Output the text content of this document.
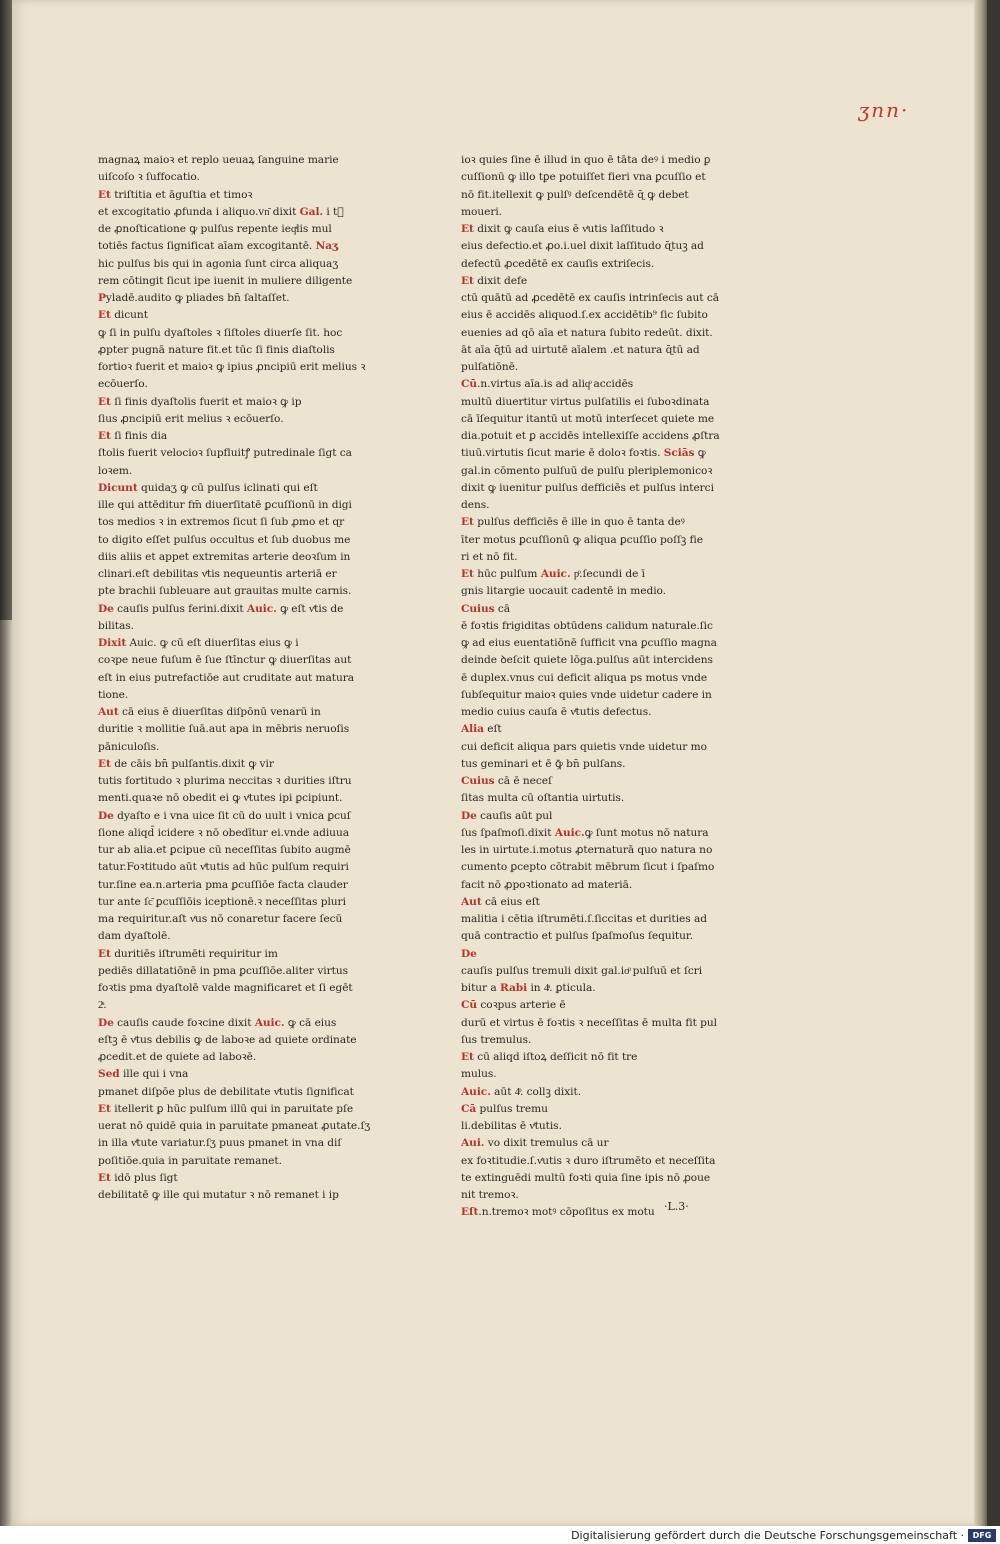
ʒnn·
magnaꝝ maioꝛ et replo ueuaꝝ ſanguine marie
uiſcoſo ꝛ ſuffocatio.
Et triſtitia et āguſtia et timoꝛ
et excogitatio ꝓfunda i aliquo.vn͂ dixit Gal. i tᷓ
de ꝓnoſticatione ꝙ pulſus repente ieqͣlis mul
totiēs factus ſignificat aīam excogitantē. Naʒ
hic pulſus bis qui in agonia ſunt circa aliquaʒ
rem cōtingit ſicut ipe iuenit in muliere diligente
Pyladē.audito ꝙ pliades bn̄ ſaltaſſet.
Et dicunt
ꝙ ſi in pulſu dyaſtoles ꝛ ſiſtoles diuerſe ſit. hoc
ꝓpter pugnā nature fit.et tūc ſi finis diaſtolis
fortioꝛ fuerit et maioꝛ ꝙ ipius ꝓncipiū erit melius ꝛ
ecōuerſo.
Et ſi finis dyaſtolis fuerit et maioꝛ ꝙ ip
ſius ꝓncipiū erit melius ꝛ ecōuerſo.
Et ſi finis dia
ſtolis fuerit velocioꝛ ſupfluitꝭ putredinale ſigt ca
loꝛem.
Dicunt quidaʒ ꝙ cū pulſus iclinati qui eſt
ille qui attēditur fm̄ diuerſitatē ꝑcuſſionū in digi
tos medios ꝛ in extremos ſicut ſi ſub ꝓmo et ɋr
to digito eſſet pulſus occultus et ſub duobus me
diis aliis et appet extremitas arterie deoꝛſum in
clinari.eſt debilitas vͭtis nequeuntis arteriā er
pte brachii ſubleuare aut grauitas multe carnis.
De cauſis pulſus ferini.dixit Auic. ꝙ eſt vͭtis de
bilitas.
Dixit Auic. ꝙ cū eſt diuerſitas eius ꝙ i
coꝛpe neue fuſum ē ſue ſtīnctur ꝙ diuerſitas aut
eſt in eius putrefactiōe aut cruditate aut matura
tione.
Aut cā eius ē diuerſitas diſpōnū venarū in
duritie ꝛ mollitie ſuā.aut apa in mēbris neruoſis
pāniculoſis.
Et de cāis bn̄ pulſantis.dixit ꝙ vir
tutis fortitudo ꝛ plurima neccitas ꝛ durities iſtru
menti.quaꝛe nō obedit ei ꝙ vͭtutes ipi ꝑcipiunt.
De dyaſto e i vna uice ſit cū do uult i vnica ꝑcuſ
ſione aliqd̄ icidere ꝛ nō obedītur ei.vnde adiuua
tur ab alia.et ꝑcipue cū neceſſitas ſubito augmē
tatur.Foꝛtitudo aūt vͭtutis ad hūc pulſum requiri
tur.ſine ea.n.arteria pma ꝑcuſſiōe facta clauder
tur ante ſc͂ ꝑcuſſiōis iceptionē.ꝛ neceſſitas pluri
ma requiritur.aſt vͭus nō conaretur facere ſecū
dam dyaſtolē.
Et duritiēs iſtrumēti requiritur im
pediēs dillatatiōnē in pma ꝑcuſſiōe.aliter virtus
foꝛtis pma dyaſtolē valde magnificaret et ſi egēt
2ͣ.
De cauſis caude foꝛcine dixit Auic. ꝙ cā eius
eſtꝫ ē vͭtus debilis ꝙ de laboꝛe ad quiete ordinate
ꝓcedit.et de quiete ad laboꝛē.
Sed ille qui i vna
pmanet diſpōe plus de debilitate vͭtutis ſignificat
Et itellerit ꝑ hūc pulſum illū qui in paruitate pſe
uerat nō quidē quia in paruitate pmaneat ꝓutate.ſʒ
in illa vͭtute variatur.ſʒ puus pmanet in vna diſ
poſitiōe.quia in paruitate remanet.
Et idō plus ſigt
debilitatē ꝙ ille qui mutatur ꝛ nō remanet i ip
ioꝛ quies ſine ē illud in quo ē tāta deꝰ i medio ꝑ
cuſſionū ꝙ illo tꝑe potuiſſet fieri vna ꝑcuſſio et
nō fit.itellexit ꝙ pulſꝰ deſcendētē ɋ̄ ꝙ debet
moueri.
Et dixit ꝙ cauſa eius ē vͭutis laſſitudo ꝛ
eius defectio.et ꝓo.i.uel dixit laſſitudo ɋ̄tuꝫ ad
defectū ꝓcedētē ex cauſis extriſecis.
Et dixit defe
ctū quātū ad ꝓcedētē ex cauſis intrinſecis aut cā
eius ē accidēs aliquod.ſ.ex accidētib⁹ ſic ſubito
euenies ad qō aīa et natura ſubito redeūt. dixit.
āt aīa ɋ̄tū ad uirtutē aīalem .et natura ɋ̄tū ad
pulſatiōnē.
Cū.n.virtus aīa.is ad aliqͦ accidēs
multū diuertitur virtus pulſatilis ei ſuboꝛdinata
cā īſequitur itantū ut motū interſecet quiete me
dia.potuit et ꝑ accidēs intellexiſſe accidens ꝓſtra
tiuū.virtutis ſicut marie ē doloꝛ foꝛtis. Sciās ꝙ
gal.in cōmento pulſuū de pulſu pleriplemonicoꝛ
dixit ꝙ iuenitur pulſus defficiēs et pulſus interci
dens.
Et pulſus defficiēs ē ille in quo ē tanta deꝰ
īter motus ꝑcuſſionū ꝙ aliqua ꝑcuſſio poſſꝫ fie
ri et nō fit.
Et hūc pulſum Auic. pͦ.ſecundi de ī
gnis litargie uocauit cadentē in medio.
Cuius cā
ē foꝛtis frigiditas obtūdens calidum naturale.ſic
ꝙ ad eius euentatiōnē ſufficit vna ꝑcuſſio magna
deinde ꝺeſcit quiete lōga.pulſus aūt intercidens
ē duplex.vnus cui deficit aliqua ps motus vnde
ſubſequitur maioꝛ quies vnde uidetur cadere in
medio cuius cauſa ē vͭtutis defectus.
Alia eſt
cui deficit aliqua pars quietis vnde uidetur mo
tus geminari et ē ꝙ̄ bn̄ pulſans.
Cuius cā ē neceſ
ſitas multa cū oſtantia uirtutis.
De cauſis aūt pul
ſus ſpaſmoſi.dixit Auic.ꝙ ſunt motus nō natura
les in uirtute.i.motus ꝓternaturā quo natura no
cumento ꝑcepto cōtrabit mēbrum ſicut i ſpaſmo
facit nō ꝓpoꝛtionato ad materiā.
Aut cā eius eſt
malitia i cētia iſtrumēti.ſ.ſiccitas et durities ad
quā contractio et pulſus ſpaſmoſus ſequitur.
De
cauſis pulſus tremuli dixit gal.ioͦ pulſuū et ſcri
bitur a Rabi in 4ͣ. ꝑticula.
Cū coꝛpus arterie ē
durū et virtus ē foꝛtis ꝛ neceſſitas ē multa fit pul
ſus tremulus.
Et cū aliqd iſtoꝝ deſſicit nō fit tre
mulus.
Auic. aūt 4ͦ. collꝫ dixit.
Cā pulſus tremu
li.debilitas ē vͭtutis.
Aui. vo dixit tremulus cā ur
ex foꝛtitudie.ſ.vͭutis ꝛ duro iſtrumēto et neceſſita
te extinguēdi multū foꝛti quia ſine ipis nō ꝓoue
nit tremoꝛ.
Eſt.n.tremoꝛ motꝰ cōpoſitus ex motu ·L.3·
Digitalisierung gefördert durch die Deutsche Forschungsgemeinschaft ·	DFG
